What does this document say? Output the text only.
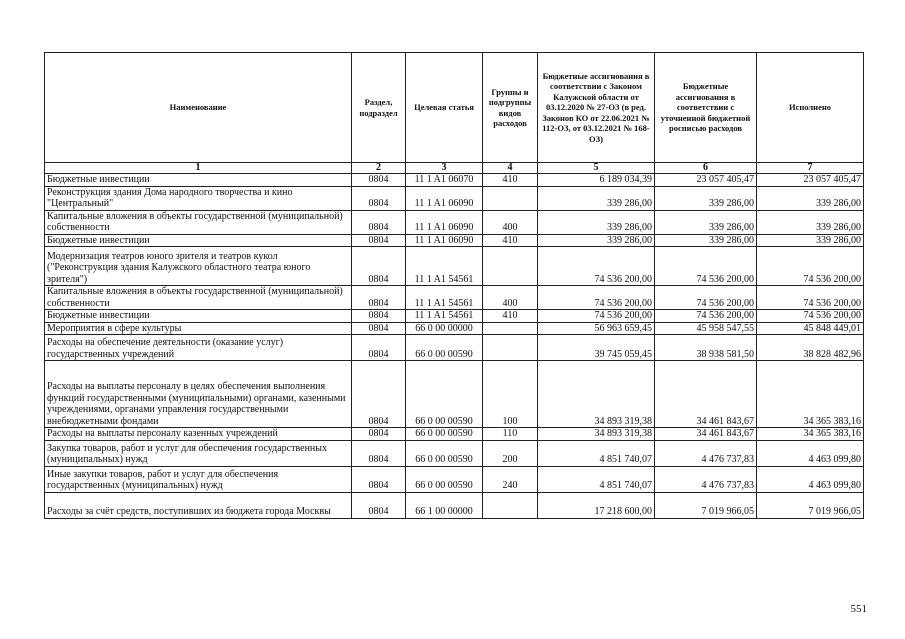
Наименование	Раздел, подраздел	Целевая статья	Группы и подгруппы видов расходов	Бюджетные ассигнования в соответствии с Законом Калужской области от 03.12.2020 № 27-ОЗ (в ред. Законов КО от 22.06.2021 № 112-ОЗ, от 03.12.2021 № 168-ОЗ)	Бюджетные ассигнования в соответствии с уточненной бюджетной росписью расходов	Исполнено
1	2	3	4	5	6	7
Бюджетные инвестиции	0804	11 1 A1 06070	410	6 189 034,39	23 057 405,47	23 057 405,47
Реконструкция здания Дома народного творчества и кино "Центральный"	0804	11 1 A1 06090		339 286,00	339 286,00	339 286,00
Капитальные вложения в объекты государственной (муниципальной) собственности	0804	11 1 A1 06090	400	339 286,00	339 286,00	339 286,00
Бюджетные инвестиции	0804	11 1 A1 06090	410	339 286,00	339 286,00	339 286,00
Модернизация театров юного зрителя и театров кукол ("Реконструкция здания Калужского областного театра юного зрителя")	0804	11 1 A1 54561		74 536 200,00	74 536 200,00	74 536 200,00
Капитальные вложения в объекты государственной (муниципальной) собственности	0804	11 1 A1 54561	400	74 536 200,00	74 536 200,00	74 536 200,00
Бюджетные инвестиции	0804	11 1 A1 54561	410	74 536 200,00	74 536 200,00	74 536 200,00
Мероприятия в сфере культуры	0804	66 0 00 00000		56 963 659,45	45 958 547,55	45 848 449,01
Расходы на обеспечение деятельности (оказание услуг) государственных учреждений	0804	66 0 00 00590		39 745 059,45	38 938 581,50	38 828 482,96
Расходы на выплаты персоналу в целях обеспечения выполнения функций государственными (муниципальными) органами, казенными учреждениями, органами управления государственными внебюджетными фондами	0804	66 0 00 00590	100	34 893 319,38	34 461 843,67	34 365 383,16
Расходы на выплаты персоналу казенных учреждений	0804	66 0 00 00590	110	34 893 319,38	34 461 843,67	34 365 383,16
Закупка товаров, работ и услуг для обеспечения государственных (муниципальных) нужд	0804	66 0 00 00590	200	4 851 740,07	4 476 737,83	4 463 099,80
Иные закупки товаров, работ и услуг для обеспечения государственных (муниципальных) нужд	0804	66 0 00 00590	240	4 851 740,07	4 476 737,83	4 463 099,80
Расходы за счёт средств, поступивших из бюджета города Москвы	0804	66 1 00 00000		17 218 600,00	7 019 966,05	7 019 966,05
551
